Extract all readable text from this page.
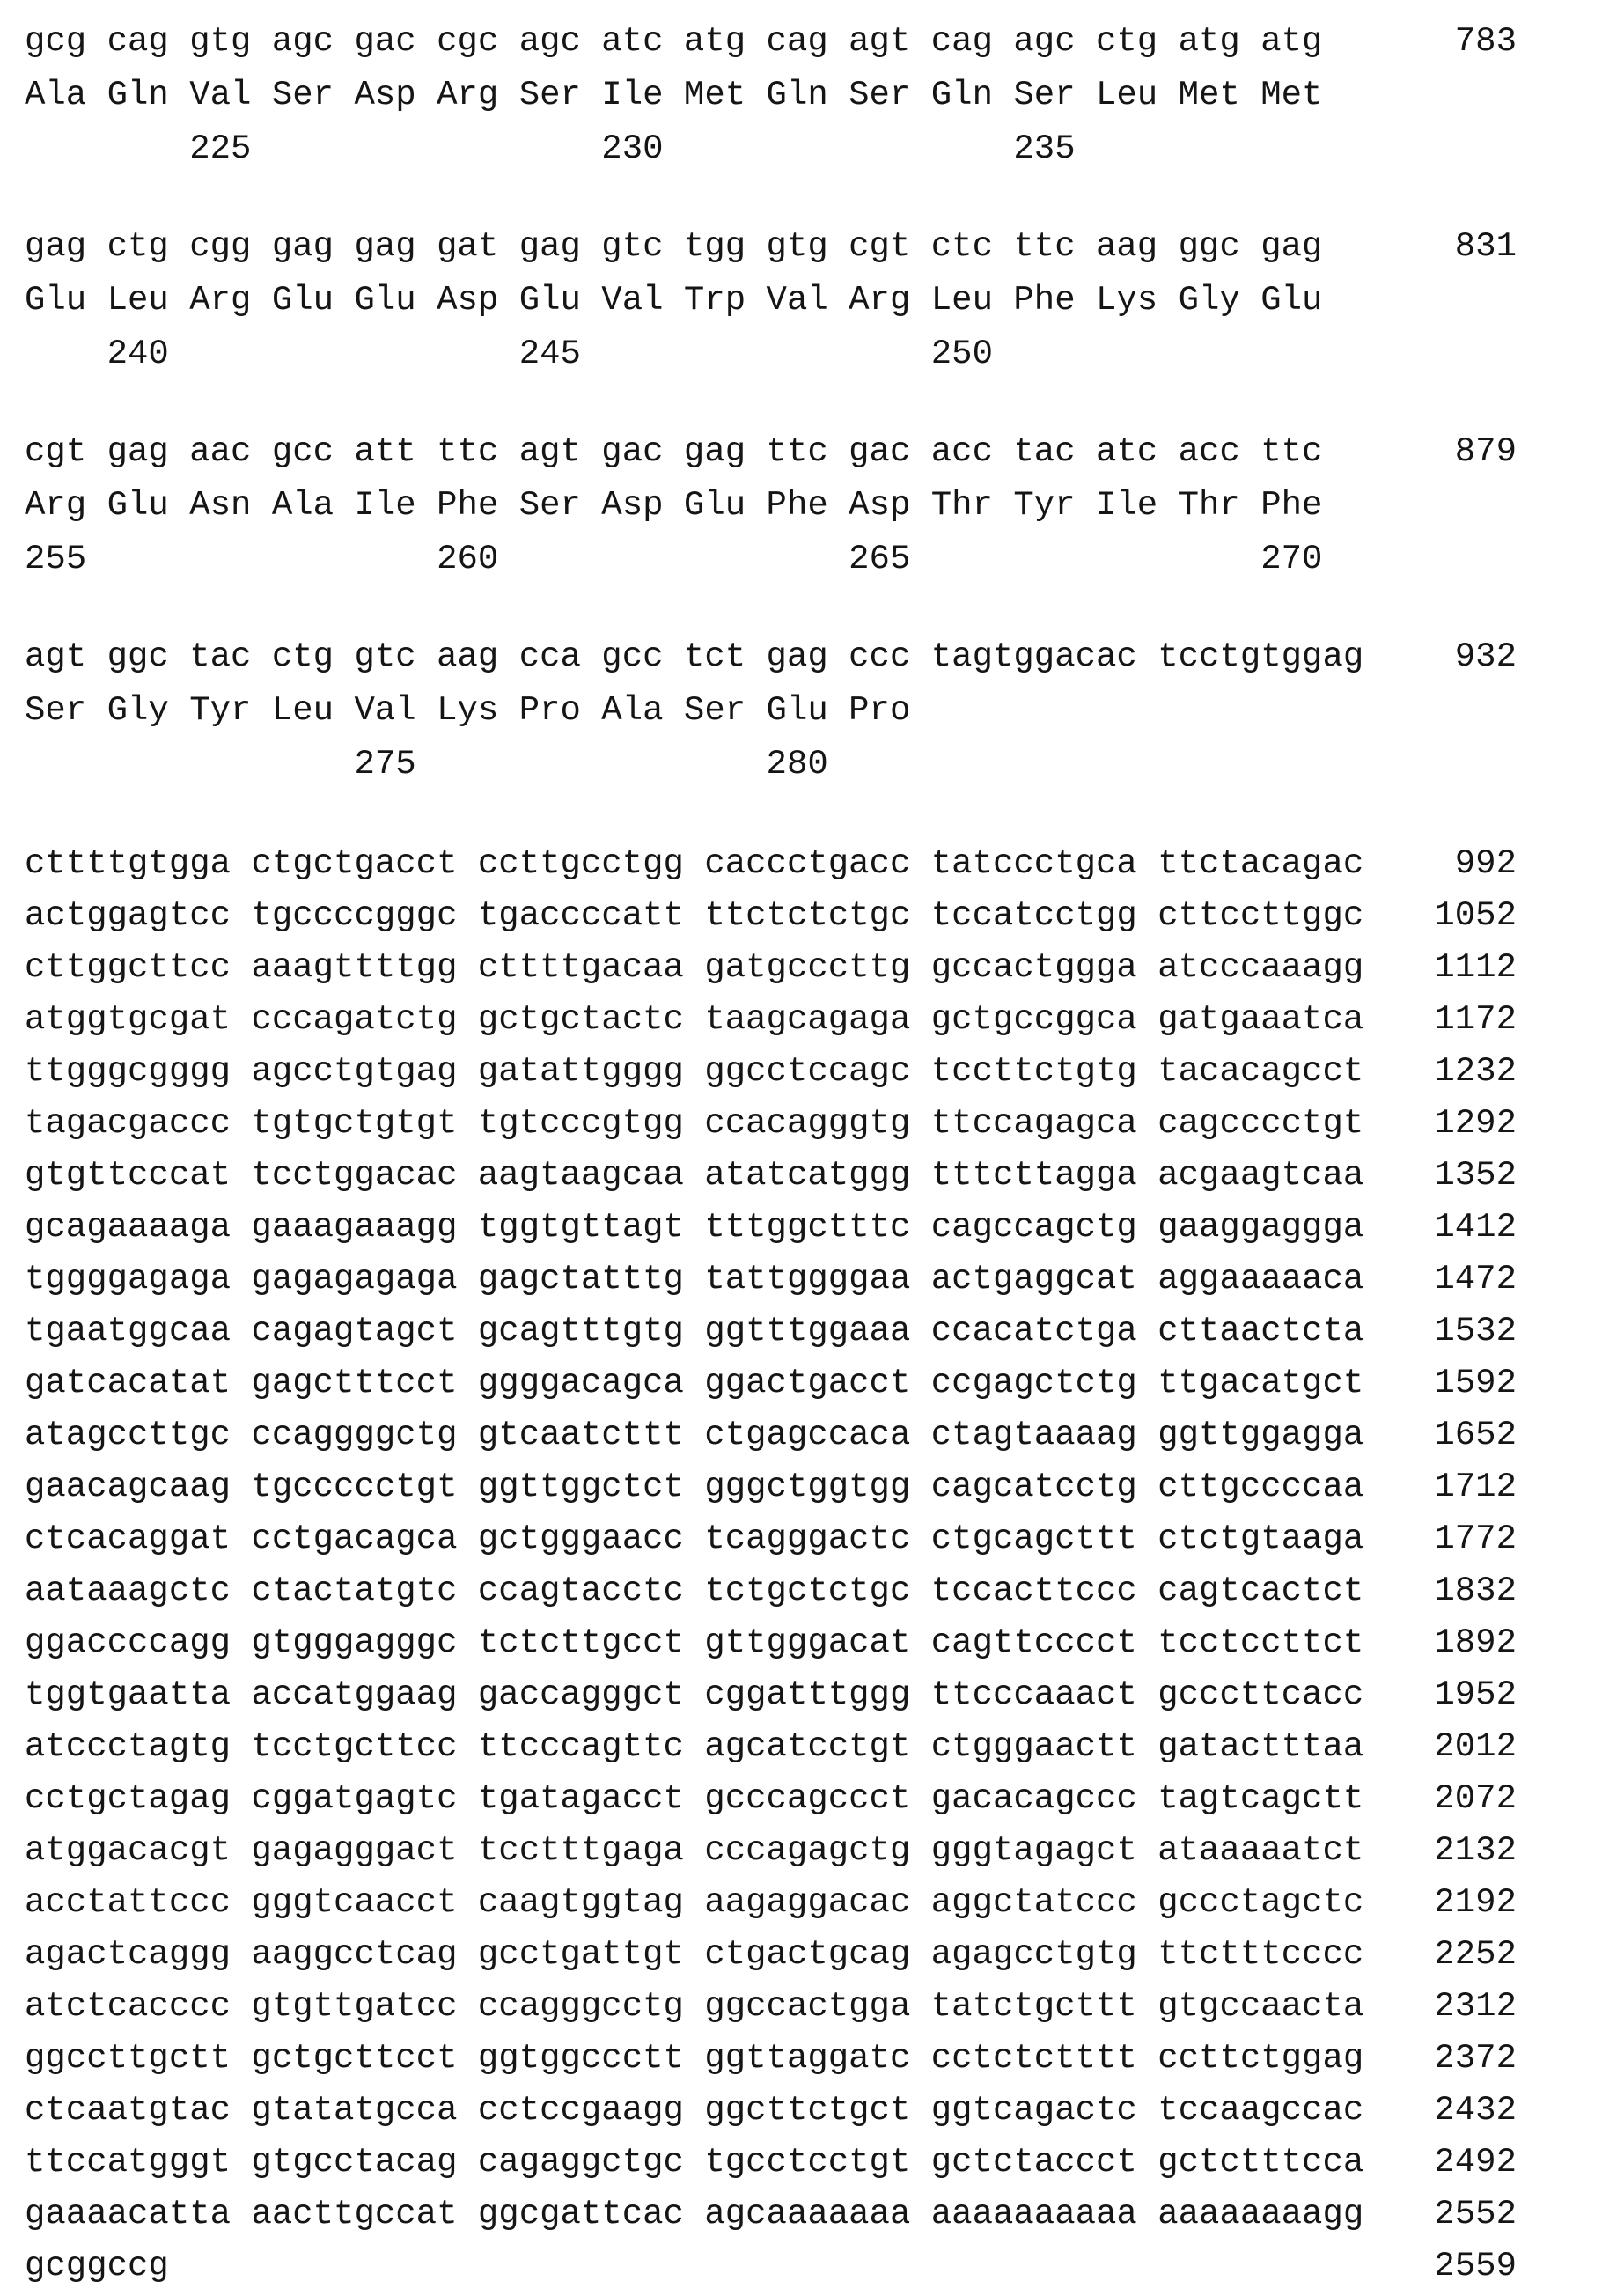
gcg cag gtg agc gac cgc agc atc atg cag agt cag agc ctg atg atg	783
Ala Gln Val Ser Asp Arg Ser Ile Met Gln Ser Gln Ser Leu Met Met
225                 230                 235
gag ctg cgg gag gag gat gag gtc tgg gtg cgt ctc ttc aag ggc gag	831
Glu Leu Arg Glu Glu Asp Glu Val Trp Val Arg Leu Phe Lys Gly Glu
240                 245                 250
cgt gag aac gcc att ttc agt gac gag ttc gac acc tac atc acc ttc	879
Arg Glu Asn Ala Ile Phe Ser Asp Glu Phe Asp Thr Tyr Ile Thr Phe
255                 260                 265                 270
agt ggc tac ctg gtc aag cca gcc tct gag ccc tagtggacac tcctgtggag	932
Ser Gly Tyr Leu Val Lys Pro Ala Ser Glu Pro
275                 280
cttttgtgga ctgctgacct ccttgcctgg caccctgacc tatccctgca ttctacagac	992
actggagtcc tgccccgggc tgaccccatt ttctctctgc tccatcctgg cttccttggc 1052
cttggcttcc aaagttttgg cttttgacaa gatgcccttg gccactggga atcccaaagg 1112
atggtgcgat cccagatctg gctgctactc taagcagaga gctgccggca gatgaaatca 1172
ttgggcgggg agcctgtgag gatattgggg ggcctccagc tccttctgtg tacacagcct 1232
tagacgaccc tgtgctgtgt tgtcccgtgg ccacagggtg ttccagagca cagcccctgt 1292
gtgttcccat tcctggacac aagtaagcaa atatcatggg tttcttagga acgaagtcaa 1352
gcagaaaaga gaaagaaagg tggtgttagt tttggctttc cagccagctg gaaggaggga 1412
tggggagaga gagagagaga gagctatttg tattggggaa actgaggcat aggaaaaaca 1472
tgaatggcaa cagagtagct gcagtttgtg ggtttggaaa ccacatctga cttaactcta 1532
gatcacatat gagctttcct ggggacagca ggactgacct ccgagctctg ttgacatgct 1592
atagccttgc ccaggggctg gtcaatcttt ctgagccaca ctagtaaaag ggttggagga 1652
gaacagcaag tgccccctgt ggttggctct gggctggtgg cagcatcctg cttgccccaa 1712
ctcacaggat cctgacagca gctgggaacc tcagggactc ctgcagcttt ctctgtaaga 1772
aataaagctc ctactatgtc ccagtacctc tctgctctgc tccacttccc cagtcactct 1832
ggaccccagg gtgggagggc tctcttgcct gttgggacat cagttcccct tcctccttct 1892
tggtgaatta accatggaag gaccagggct cggatttggg ttcccaaact gcccttcacc 1952
atccctagtg tcctgcttcc ttcccagttc agcatcctgt ctgggaactt gatactttaa 2012
cctgctagag cggatgagtc tgatagacct gcccagccct gacacagccc tagtcagctt 2072
atggacacgt gagagggact tcctttgaga cccagagctg gggtagagct ataaaaatct 2132
acctattccc gggtcaacct caagtggtag aagaggacac aggctatccc gccctagctc 2192
agactcaggg aaggcctcag gcctgattgt ctgactgcag agagcctgtg ttctttcccc 2252
atctcacccc gtgttgatcc ccagggcctg ggccactgga tatctgcttt gtgccaacta 2312
ggccttgctt gctgcttcct ggtggccctt ggttaggatc cctctctttt ccttctggag 2372
ctcaatgtac gtatatgcca cctccgaagg ggcttctgct ggtcagactc tccaagccac 2432
ttccatgggt gtgcctacag cagaggctgc tgcctcctgt gctctaccct gctctttcca 2492
gaaaacatta aacttgccat ggcgattcac agcaaaaaaa aaaaaaaaaa aaaaaaaagg 2552
gcggccg	2559
